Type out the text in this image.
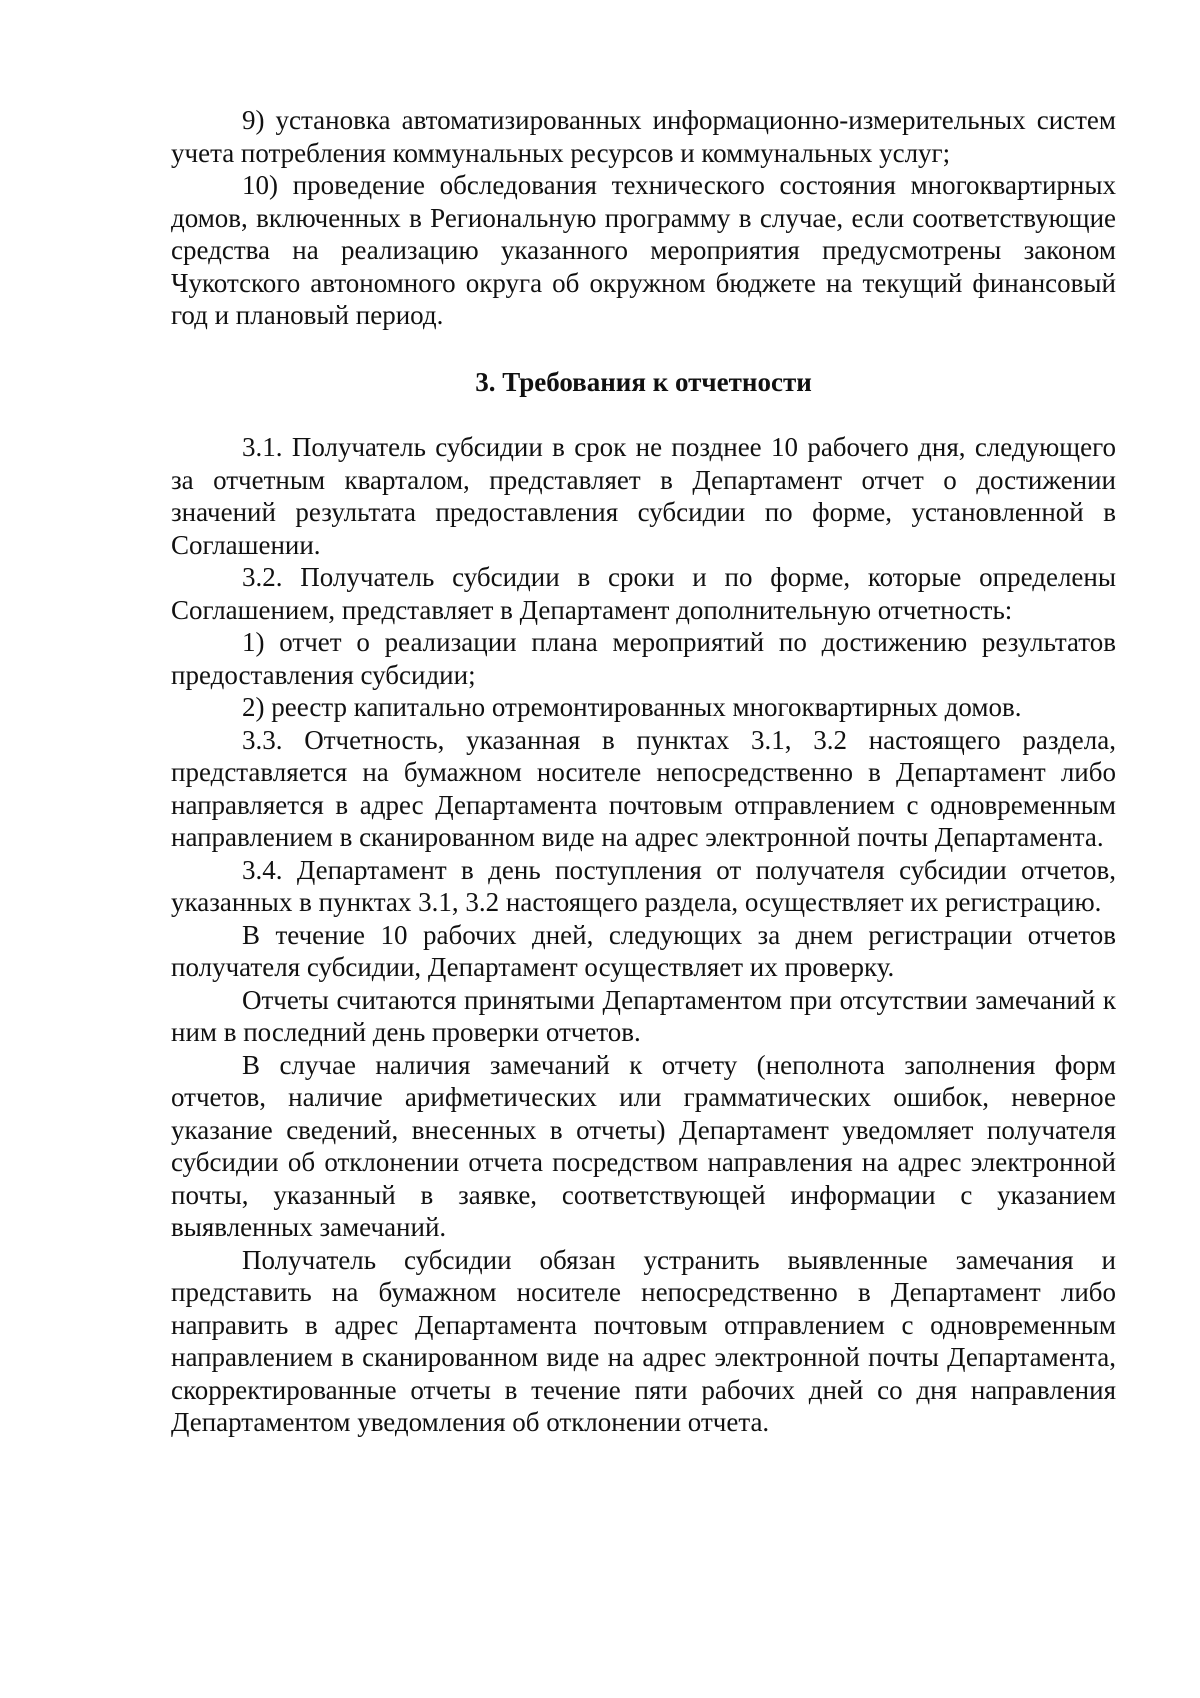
9) установка автоматизированных информационно-измерительных систем учета потребления коммунальных ресурсов и коммунальных услуг;

10) проведение обследования технического состояния многоквартирных домов, включенных в Региональную программу в случае, если соответствующие средства на реализацию указанного мероприятия предусмотрены законом Чукотского автономного округа об окружном бюджете на текущий финансовый год и плановый период.

3. Требования к отчетности

3.1. Получатель субсидии в срок не позднее 10 рабочего дня, следующего за отчетным кварталом, представляет в Департамент отчет о достижении значений результата предоставления субсидии по форме, установленной в Соглашении.

3.2. Получатель субсидии в сроки и по форме, которые определены Соглашением, представляет в Департамент дополнительную отчетность:

1) отчет о реализации плана мероприятий по достижению результатов предоставления субсидии;

2) реестр капитально отремонтированных многоквартирных домов.

3.3. Отчетность, указанная в пунктах 3.1, 3.2 настоящего раздела, представляется на бумажном носителе непосредственно в Департамент либо направляется в адрес Департамента почтовым отправлением с одновременным направлением в сканированном виде на адрес электронной почты Департамента.

3.4. Департамент в день поступления от получателя субсидии отчетов, указанных в пунктах 3.1, 3.2 настоящего раздела, осуществляет их регистрацию.

В течение 10 рабочих дней, следующих за днем регистрации отчетов получателя субсидии, Департамент осуществляет их проверку.

Отчеты считаются принятыми Департаментом при отсутствии замечаний к ним в последний день проверки отчетов.

В случае наличия замечаний к отчету (неполнота заполнения форм отчетов, наличие арифметических или грамматических ошибок, неверное указание сведений, внесенных в отчеты) Департамент уведомляет получателя субсидии об отклонении отчета посредством направления на адрес электронной почты, указанный в заявке, соответствующей информации с указанием выявленных замечаний.

Получатель субсидии обязан устранить выявленные замечания и представить на бумажном носителе непосредственно в Департамент либо направить в адрес Департамента почтовым отправлением с одновременным направлением в сканированном виде на адрес электронной почты Департамента, скорректированные отчеты в течение пяти рабочих дней со дня направления Департаментом уведомления об отклонении отчета.
